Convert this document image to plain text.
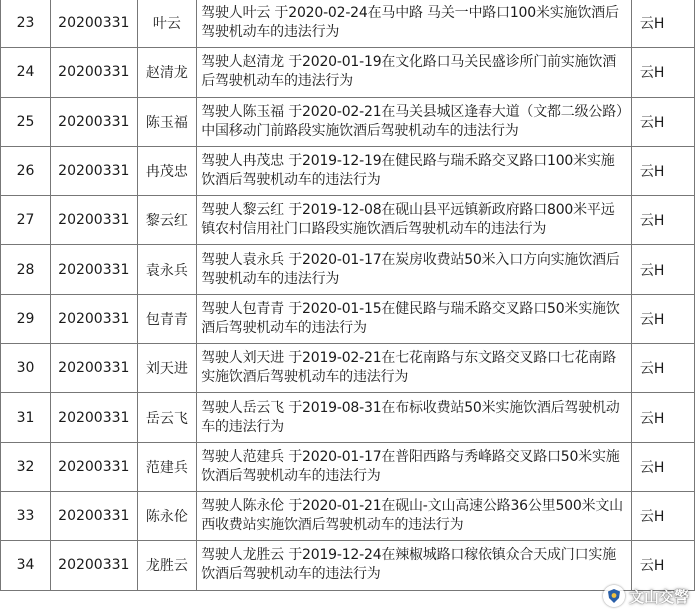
23	20200331	叶云	驾驶人叶云 于2020-02-24在马中路 马关一中路口100米实施饮酒后驾驶机动车的违法行为	云H
24	20200331	赵清龙	驾驶人赵清龙 于2020-01-19在文化路口马关民盛诊所门前实施饮酒后驾驶机动车的违法行为	云H
25	20200331	陈玉福	驾驶人陈玉福 于2020-02-21在马关县城区逢春大道（文都二级公路）中国移动门前路段实施饮酒后驾驶机动车的违法行为	云H
26	20200331	冉茂忠	驾驶人冉茂忠 于2019-12-19在健民路与瑞禾路交叉路口100米实施饮酒后驾驶机动车的违法行为	云H
27	20200331	黎云红	驾驶人黎云红 于2019-12-08在砚山县平远镇新政府路口800米平远镇农村信用社门口路段实施饮酒后驾驶机动车的违法行为	云H
28	20200331	袁永兵	驾驶人袁永兵 于2020-01-17在炭房收费站50米入口方向实施饮酒后驾驶机动车的违法行为	云H
29	20200331	包青青	驾驶人包青青 于2020-01-15在健民路与瑞禾路交叉路口50米实施饮酒后驾驶机动车的违法行为	云H
30	20200331	刘天进	驾驶人刘天进 于2019-02-21在七花南路与东文路交叉路口七花南路实施饮酒后驾驶机动车的违法行为	云H
31	20200331	岳云飞	驾驶人岳云飞 于2019-08-31在布标收费站50米实施饮酒后驾驶机动车的违法行为	云H
32	20200331	范建兵	驾驶人范建兵 于2020-01-17在普阳西路与秀峰路交叉路口50米实施饮酒后驾驶机动车的违法行为	云H
33	20200331	陈永伦	驾驶人陈永伦 于2020-01-21在砚山-文山高速公路36公里500米文山西收费站实施饮酒后驾驶机动车的违法行为	云H
34	20200331	龙胜云	驾驶人龙胜云 于2019-12-24在辣椒城路口稼依镇众合天成门口实施饮酒后驾驶机动车的违法行为	云H
文山交警
